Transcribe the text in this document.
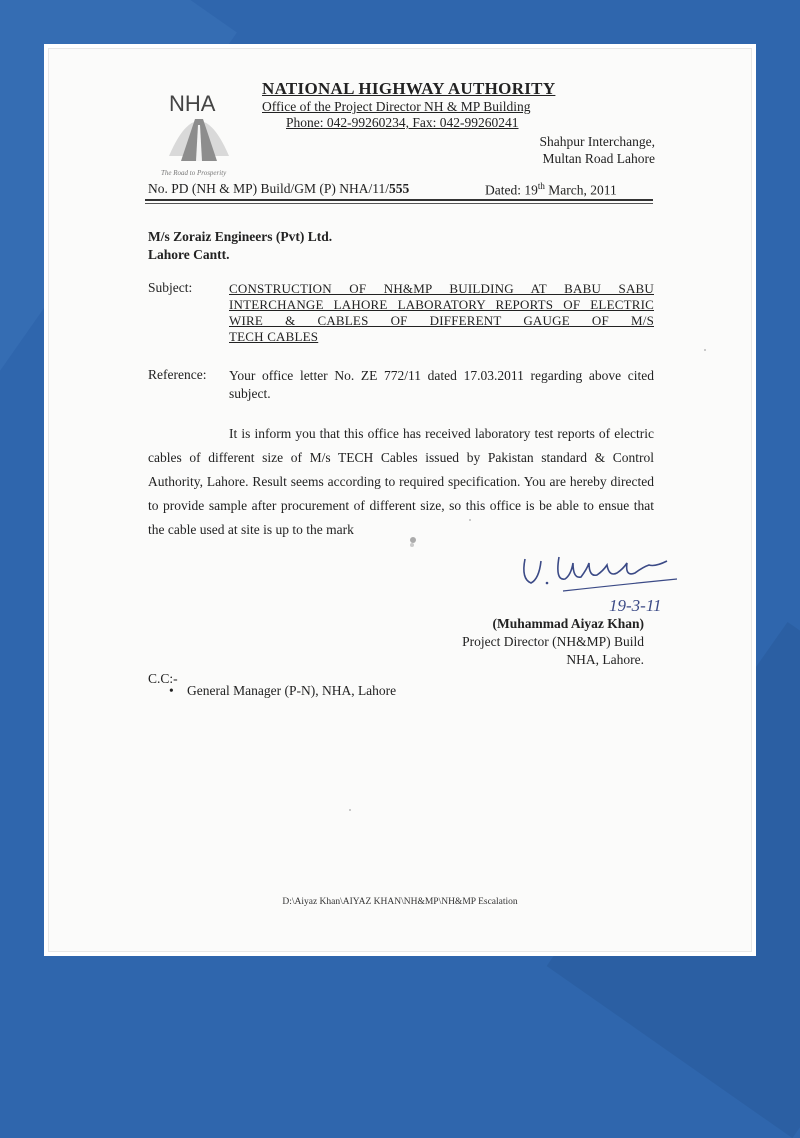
NHA
The Road to Prosperity
NATIONAL HIGHWAY AUTHORITY
Office of the Project Director NH & MP Building
Phone: 042-99260234, Fax: 042-99260241
Shahpur Interchange,
Multan Road Lahore
No. PD (NH & MP) Build/GM (P) NHA/11/555	Dated: 19th March, 2011
M/s Zoraiz Engineers (Pvt) Ltd.
Lahore Cantt.
Subject:	CONSTRUCTION OF NH&MP BUILDING AT BABU SABU INTERCHANGE LAHORE LABORATORY REPORTS OF ELECTRIC WIRE & CABLES OF DIFFERENT GAUGE OF M/S
TECH CABLES
Reference: Your office letter No. ZE 772/11 dated 17.03.2011 regarding above cited subject.
It is inform you that this office has received laboratory test reports of electric cables of different size of M/s TECH Cables issued by Pakistan standard & Control Authority, Lahore. Result seems according to required specification. You are hereby directed to provide sample after procurement of different size, so this office is be able to ensue that the cable used at site is up to the mark
19-3-11
(Muhammad Aiyaz Khan)
Project Director (NH&MP) Build
NHA, Lahore.
C.C:-
• General Manager (P-N), NHA, Lahore
D:\Aiyaz Khan\AIYAZ KHAN\NH&MP\NH&MP Escalation
